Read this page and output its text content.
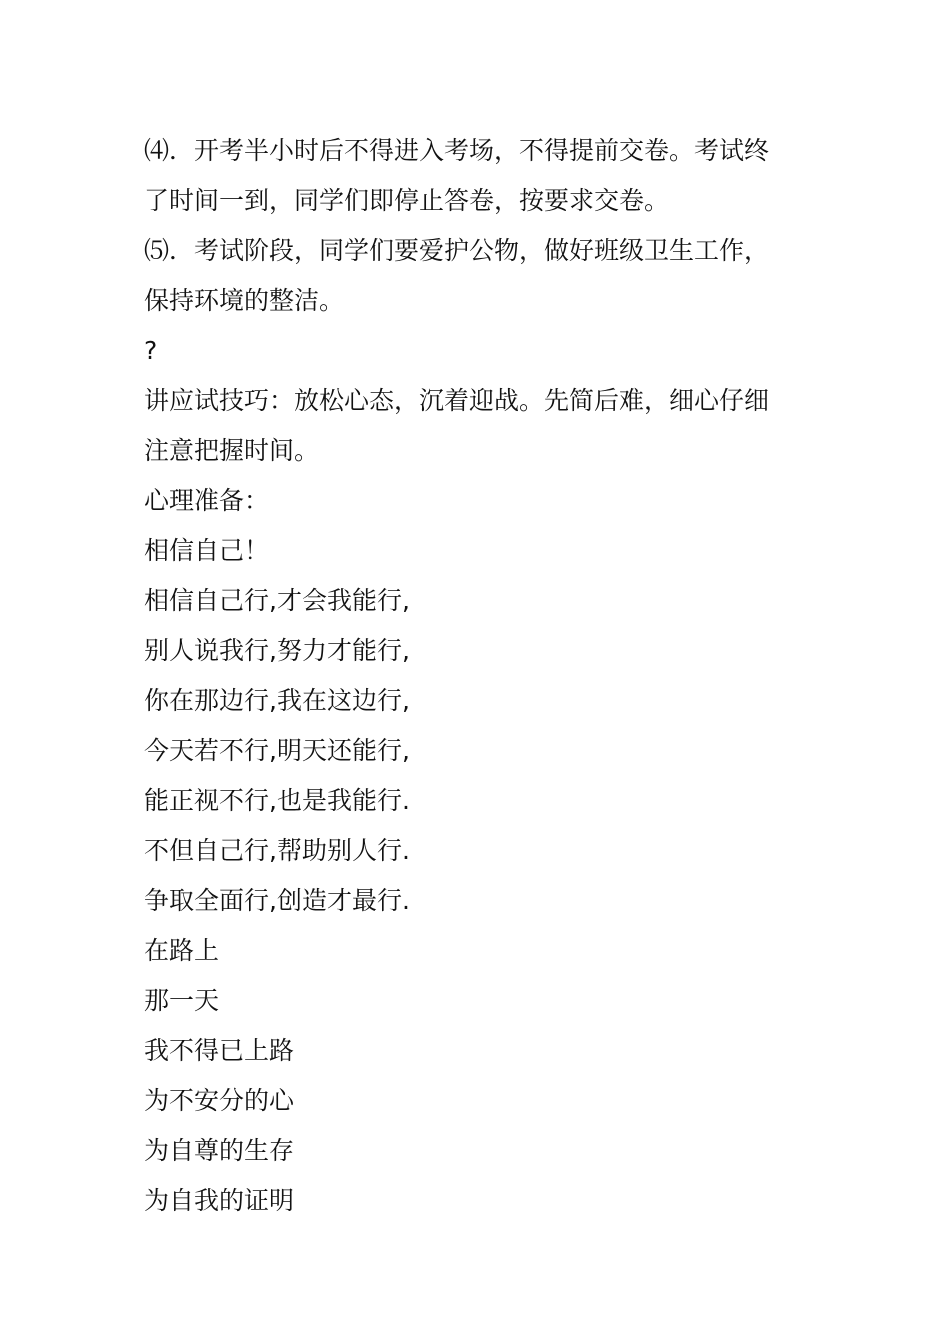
⑷．开考半小时后不得进入考场，不得提前交卷。考试终
了时间一到，同学们即停止答卷，按要求交卷。
⑸．考试阶段，同学们要爱护公物，做好班级卫生工作，
保持环境的整洁。
?
讲应试技巧：放松心态，沉着迎战。先简后难，细心仔细
注意把握时间。
心理准备：
相信自己！
相信自己行,才会我能行,
别人说我行,努力才能行,
你在那边行,我在这边行,
今天若不行,明天还能行,
能正视不行,也是我能行.
不但自己行,帮助别人行.
争取全面行,创造才最行.
在路上
那一天
我不得已上路
为不安分的心
为自尊的生存
为自我的证明
